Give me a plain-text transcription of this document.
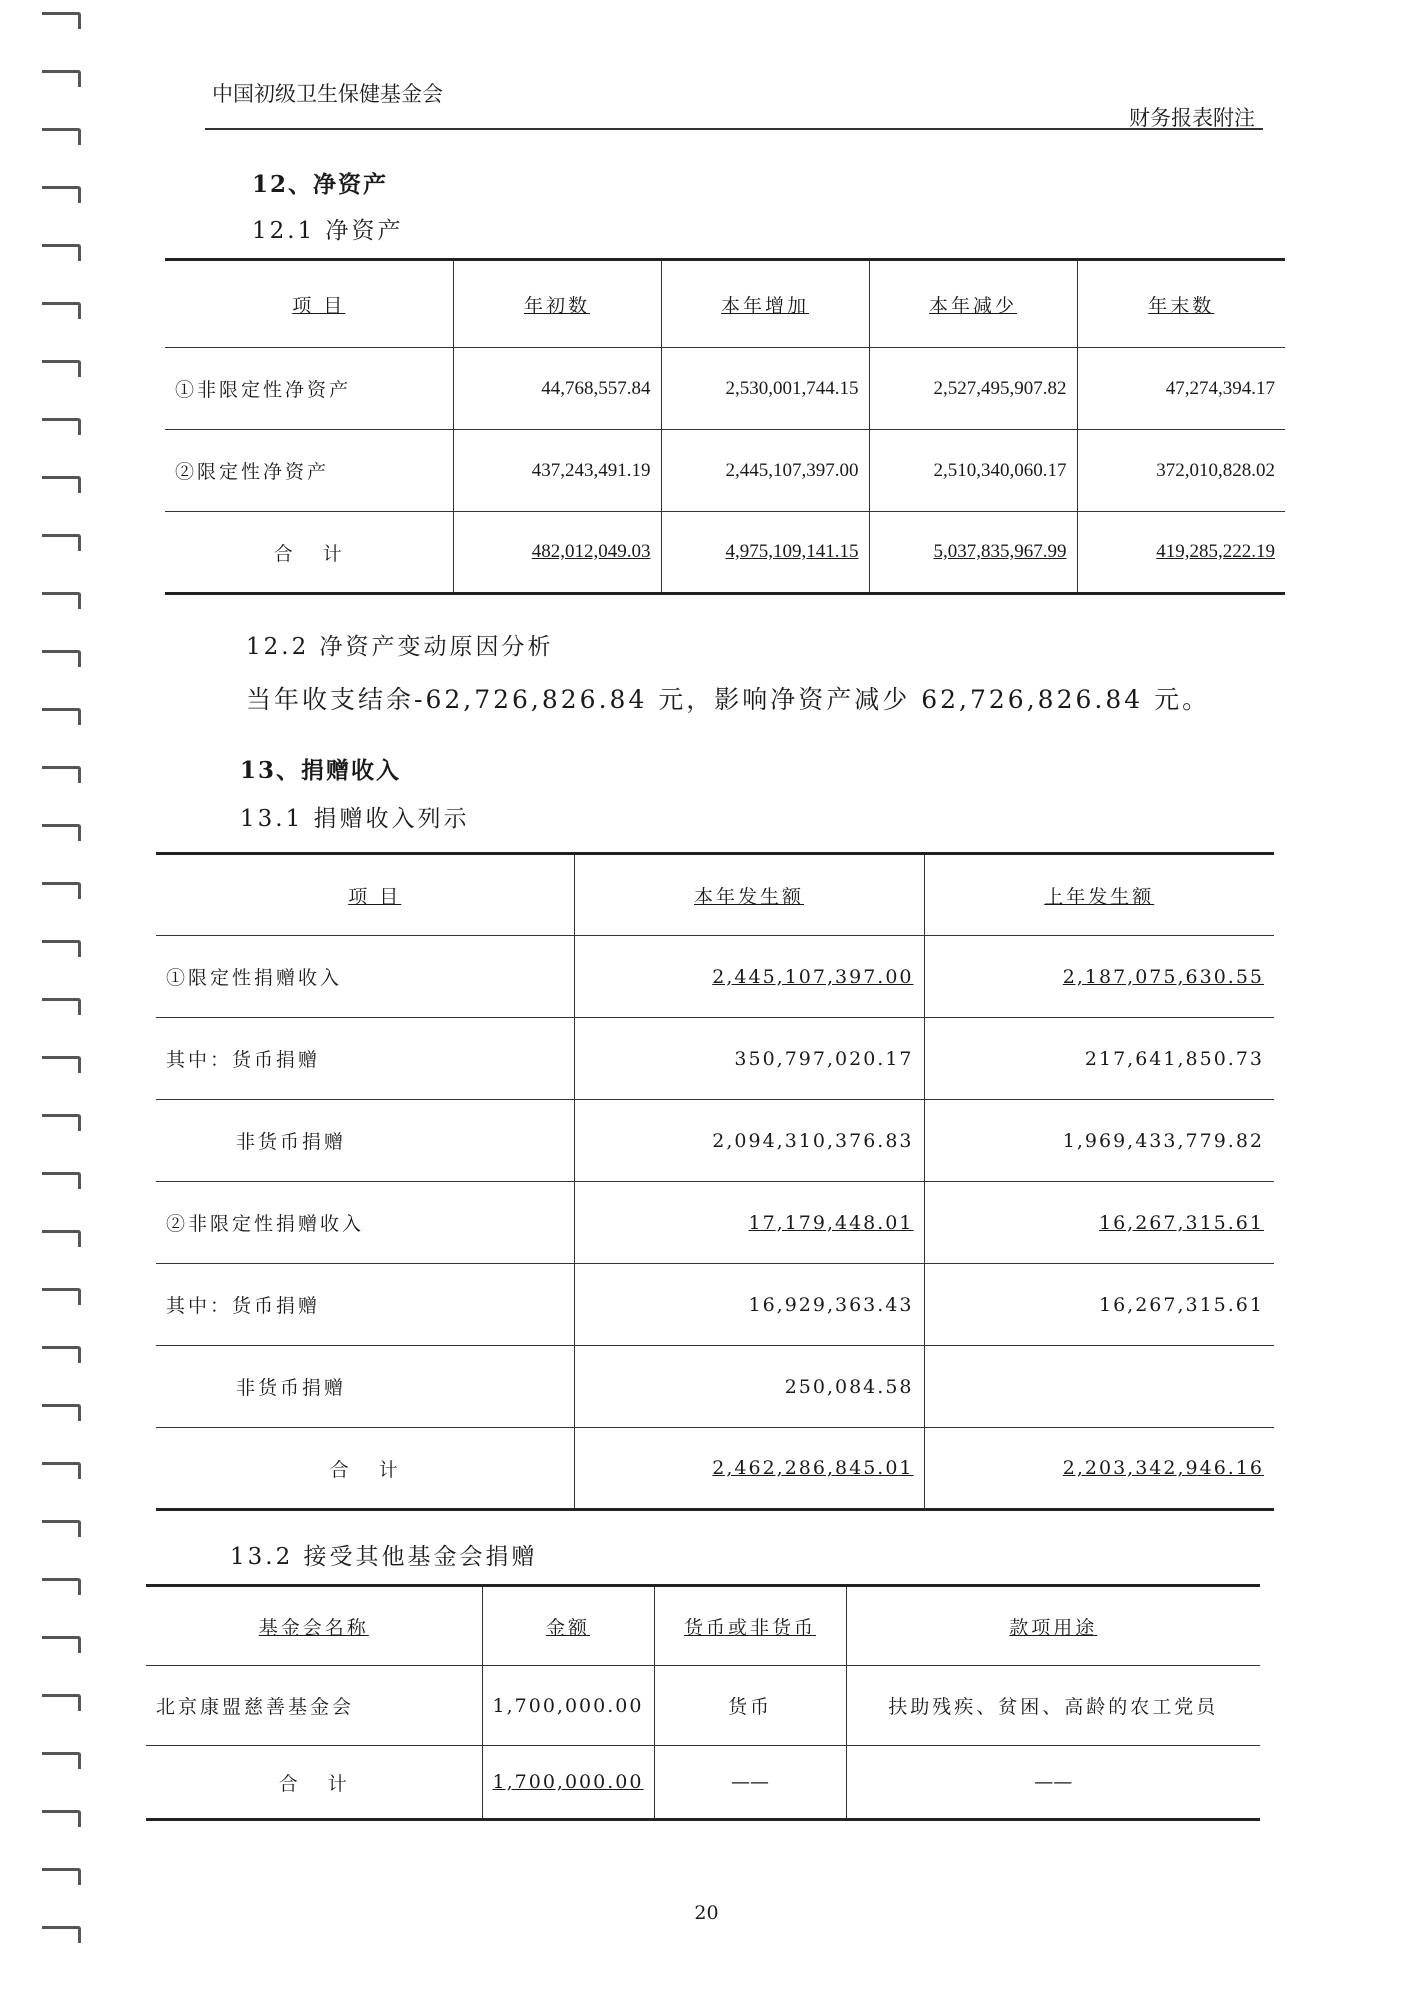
中国初级卫生保健基金会
财务报表附注
12、净资产
12.1 净资产
项 目	年初数	本年增加	本年减少	年末数
①非限定性净资产	44,768,557.84	2,530,001,744.15	2,527,495,907.82	47,274,394.17
②限定性净资产	437,243,491.19	2,445,107,397.00	2,510,340,060.17	372,010,828.02
合 计	482,012,049.03	4,975,109,141.15	5,037,835,967.99	419,285,222.19
12.2 净资产变动原因分析
当年收支结余-62,726,826.84 元，影响净资产减少 62,726,826.84 元。
13、捐赠收入
13.1 捐赠收入列示
项 目	本年发生额	上年发生额
①限定性捐赠收入	2,445,107,397.00	2,187,075,630.55
其中：货币捐赠	350,797,020.17	217,641,850.73
非货币捐赠	2,094,310,376.83	1,969,433,779.82
②非限定性捐赠收入	17,179,448.01	16,267,315.61
其中：货币捐赠	16,929,363.43	16,267,315.61
非货币捐赠	250,084.58	
合 计	2,462,286,845.01	2,203,342,946.16
13.2 接受其他基金会捐赠
基金会名称	金额	货币或非货币	款项用途
北京康盟慈善基金会	1,700,000.00	货币	扶助残疾、贫困、高龄的农工党员
合 计	1,700,000.00	——	——
20
